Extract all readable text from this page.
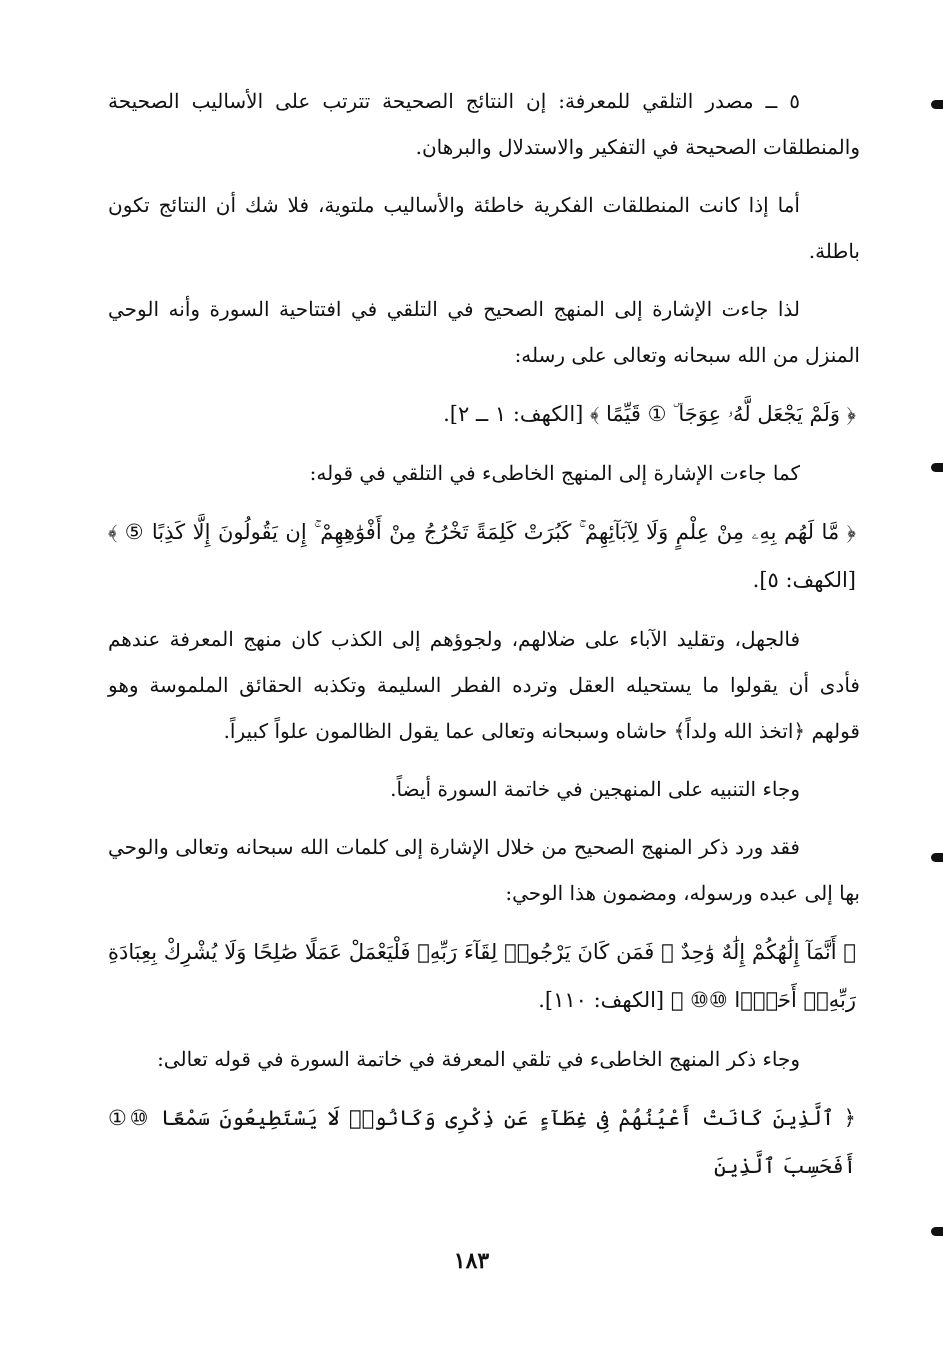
٥ ــ مصدر التلقي للمعرفة: إن النتائج الصحيحة تترتب على الأساليب الصحيحة والمنطلقات الصحيحة في التفكير والاستدلال والبرهان.

أما إذا كانت المنطلقات الفكرية خاطئة والأساليب ملتوية، فلا شك أن النتائج تكون باطلة.

لذا جاءت الإشارة إلى المنهج الصحيح في التلقي في افتتاحية السورة وأنه الوحي المنزل من الله سبحانه وتعالى على رسله:

﴿ وَلَمْ يَجْعَل لَّهُۥ عِوَجَا ۜ ① قَيِّمًا ﴾ [الكهف: ١ ــ ٢].

كما جاءت الإشارة إلى المنهج الخاطىء في التلقي في قوله:

﴿ مَّا لَهُم بِهِۦ مِنْ عِلْمٍ وَلَا لِآبَآئِهِمْ ۚ كَبُرَتْ كَلِمَةً تَخْرُجُ مِنْ أَفْوَٰهِهِمْ ۚ إِن يَقُولُونَ إِلَّا كَذِبًا ⑤ ﴾ [الكهف: ٥].

فالجهل، وتقليد الآباء على ضلالهم، ولجوؤهم إلى الكذب كان منهج المعرفة عندهم فأدى أن يقولوا ما يستحيله العقل وترده الفطر السليمة وتكذبه الحقائق الملموسة وهو قولهم ﴿اتخذ الله ولداً﴾ حاشاه وسبحانه وتعالى عما يقول الظالمون علواً كبيراً.

وجاء التنبيه على المنهجين في خاتمة السورة أيضاً.

فقد ورد ذكر المنهج الصحيح من خلال الإشارة إلى كلمات الله سبحانه وتعالى والوحي بها إلى عبده ورسوله، ومضمون هذا الوحي:

﴿ أَنَّمَآ إِلَٰهُكُمْ إِلَٰهٌ وَٰحِدٌ ۖ فَمَن كَانَ يَرْجُوا۟ لِقَآءَ رَبِّهِۦ فَلْيَعْمَلْ عَمَلًا صَٰلِحًا وَلَا يُشْرِكْ بِعِبَادَةِ رَبِّهِۦٓ أَحَدًۢا ⑩⑩ ﴾ [الكهف: ١١٠].

وجاء ذكر المنهج الخاطىء في تلقي المعرفة في خاتمة السورة في قوله تعالى:

﴿ ٱلَّذِينَ كَانَتْ أَعْيُنُهُمْ فِى غِطَآءٍ عَن ذِكْرِى وَكَانُوا۟ لَا يَسْتَطِيعُونَ سَمْعًا ⑩① أَفَحَسِبَ ٱلَّذِينَ

١٨٣
